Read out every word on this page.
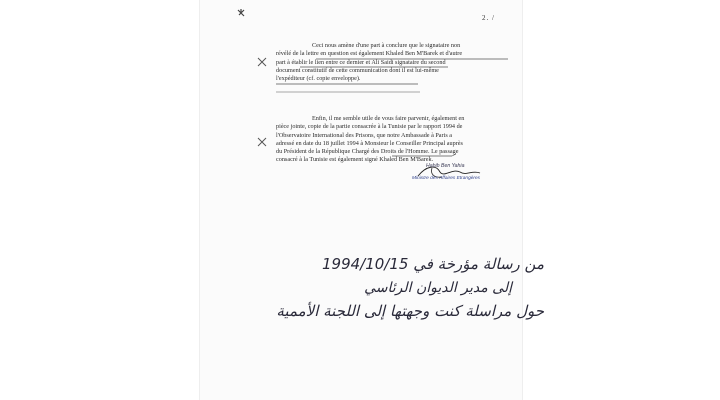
2. /
Ceci nous amène d'une part à conclure que le signataire non
révélé de la lettre en question est également Khaled Ben M'Barek et d'autre
part à établir le lien entre ce dernier et Ali Saidi signataire du second
document constitutif de cette communication dont il est lui-même
l'expéditeur (cf. copie enveloppe).
Enfin, il me semble utile de vous faire parvenir, également en
pièce jointe, copie de la partie consacrée à la Tunisie par le rapport 1994 de
l'Observatoire International des Prisons, que notre Ambassade à Paris a
adressé en date du 18 juillet 1994 à Monsieur le Conseiller Principal auprès
du Président de la République Chargé des Droits de l'Homme. Le passage
consacré à la Tunisie est également signé Khaled Ben M'Barek.
Habib Ben Yahia
Ministre des Affaires Etrangères
من رسالة مؤرخة في 1994/10/15
إلى مدير الديوان الرئاسي
حول مراسلة كنت وجهتها إلى اللجنة الأممية
